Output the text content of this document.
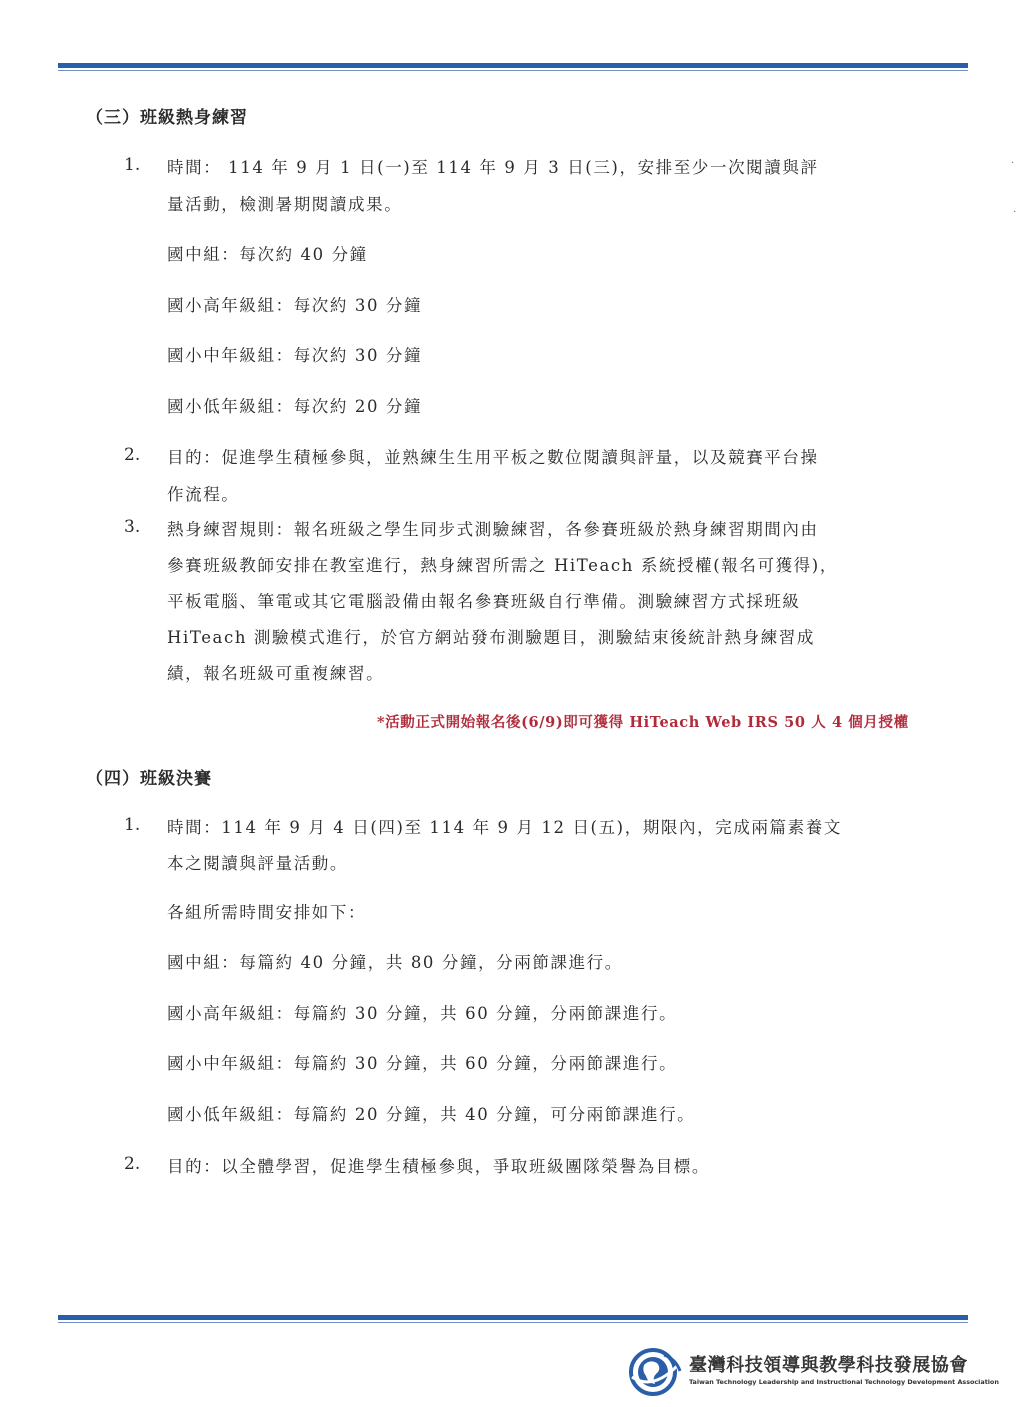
（三）班級熱身練習
1. 時間： 114 年 9 月 1 日(一)至 114 年 9 月 3 日(三)，安排至少一次閱讀與評
量活動，檢測暑期閱讀成果。
國中組：每次約 40 分鐘
國小高年級組：每次約 30 分鐘
國小中年級組：每次約 30 分鐘
國小低年級組：每次約 20 分鐘
2. 目的：促進學生積極參與，並熟練生生用平板之數位閱讀與評量，以及競賽平台操
作流程。
3. 熱身練習規則：報名班級之學生同步式測驗練習，各參賽班級於熱身練習期間內由
參賽班級教師安排在教室進行，熱身練習所需之 HiTeach 系統授權(報名可獲得)，
平板電腦、筆電或其它電腦設備由報名參賽班級自行準備。測驗練習方式採班級
HiTeach 測驗模式進行，於官方網站發布測驗題目，測驗結束後統計熱身練習成
績，報名班級可重複練習。
*活動正式開始報名後(6/9)即可獲得 HiTeach Web IRS 50 人 4 個月授權
（四）班級決賽
1. 時間：114 年 9 月 4 日(四)至 114 年 9 月 12 日(五)，期限內，完成兩篇素養文
本之閱讀與評量活動。
各組所需時間安排如下：
國中組：每篇約 40 分鐘，共 80 分鐘，分兩節課進行。
國小高年級組：每篇約 30 分鐘，共 60 分鐘，分兩節課進行。
國小中年級組：每篇約 30 分鐘，共 60 分鐘，分兩節課進行。
國小低年級組：每篇約 20 分鐘，共 40 分鐘，可分兩節課進行。
2. 目的：以全體學習，促進學生積極參與，爭取班級團隊榮譽為目標。
·
·
臺灣科技領導與教學科技發展協會
Taiwan Technology Leadership and Instructional Technology Development Association
